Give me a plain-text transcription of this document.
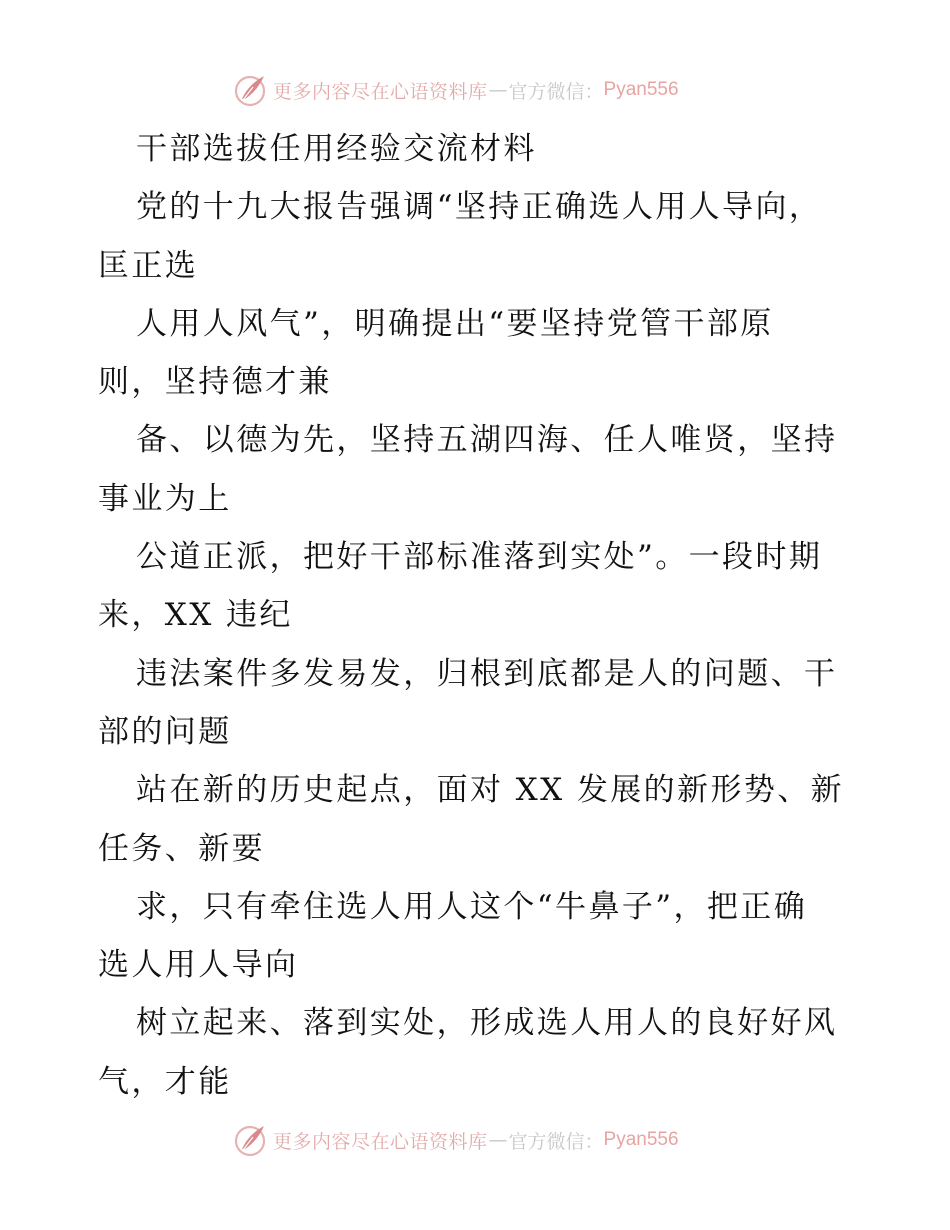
更多内容尽在心语资料库 — 官方微信： Pyan556
干部选拔任用经验交流材料
党的十九大报告强调“坚持正确选人用人导向，
匡正选
人用人风气”，明确提出“要坚持党管干部原
则，坚持德才兼
备、以德为先，坚持五湖四海、任人唯贤，坚持
事业为上
公道正派，把好干部标准落到实处”。一段时期
来，XX 违纪
违法案件多发易发，归根到底都是人的问题、干
部的问题
站在新的历史起点，面对 XX 发展的新形势、新
任务、新要
求，只有牵住选人用人这个“牛鼻子”，把正确
选人用人导向
树立起来、落到实处，形成选人用人的良好好风
气，才能
更多内容尽在心语资料库 — 官方微信： Pyan556
